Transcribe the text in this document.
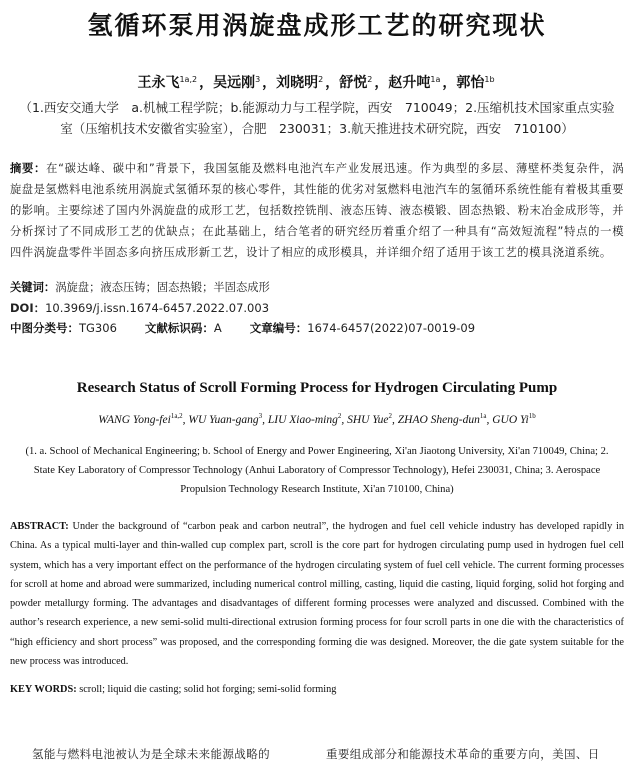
氢循环泵用涡旋盘成形工艺的研究现状
王永飞$^{1a,2}$ ，吴远刚$^3$ ，刘晓明$^2$ ，舒悦$^2$ ，赵升吨$^{1a}$ ，郭怡$^{1b}$
（1.西安交通大学　a.机械工程学院；b.能源动力与工程学院，西安　710049；2.压缩机技术国家重点实验室（压缩机技术安徽省实验室），合肥　230031；3.航天推进技术研究院，西安　710100）
摘要：在“碳达峰、碳中和”背景下，我国氢能及燃料电池汽车产业发展迅速。作为典型的多层、薄壁杯类复杂件，涡旋盘是氢燃料电池系统用涡旋式氢循环泵的核心零件，其性能的优劣对氢燃料电池汽车的氢循环系统性能有着极其重要的影响。主要综述了国内外涡旋盘的成形工艺，包括数控铣削、液态压铸、液态模锻、固态热锻、粉末冶金成形等，并分析探讨了不同成形工艺的优缺点；在此基础上，结合笔者的研究经历着重介绍了一种具有“高效短流程”特点的一模四件涡旋盘零件半固态多向挤压成形新工艺，设计了相应的成形模具，并详细介绍了适用于该工艺的模具浇道系统。
关键词：涡旋盘；液态压铸；固态热锻；半固态成形
DOI：10.3969/j.issn.1674-6457.2022.07.003
中图分类号：TG306 文献标识码：A 文章编号：1674-6457(2022)07-0019-09
Research Status of Scroll Forming Process for Hydrogen Circulating Pump
WANG Yong-fei$^{1a,2}$, WU Yuan-gang$^3$, LIU Xiao-ming$^2$, SHU Yue$^2$, ZHAO Sheng-dun$^{1a}$, GUO $Yi^{1b}$
(1. a. School of Mechanical Engineering; b. School of Energy and Power Engineering, Xi'an Jiaotong University, Xi'an 710049, China; 2. State Key Laboratory of Compressor Technology (Anhui Laboratory of Compressor Technology), Hefei 230031, China; 3. Aerospace Propulsion Technology Research Institute, Xi'an 710100, China)
ABSTRACT: Under the background of “carbon peak and carbon neutral”, the hydrogen and fuel cell vehicle industry has developed rapidly in China. As a typical multi-layer and thin-walled cup complex part, scroll is the core part for hydrogen circulating pump used in hydrogen fuel cell system, which has a very important effect on the performance of the hydrogen circulating system of fuel cell vehicle. The current forming processes for scroll at home and abroad were summarized, including numerical control milling, casting, liquid die casting, liquid forging, solid hot forging and powder metallurgy forming. The advantages and disadvantages of different forming processes were analyzed and discussed. Combined with the author’s research experience, a new semi-solid multi-directional extrusion forming process for four scroll parts in one die with the characteristics of “high efficiency and short process” was proposed, and the corresponding forming die was designed. Moreover, the die gate system suitable for the new process was introduced.
KEY WORDS: scroll; liquid die casting; solid hot forging; semi-solid forming
氢能与燃料电池被认为是全球未来能源战略的	重要组成部分和能源技术革命的重要方向，美国、日
